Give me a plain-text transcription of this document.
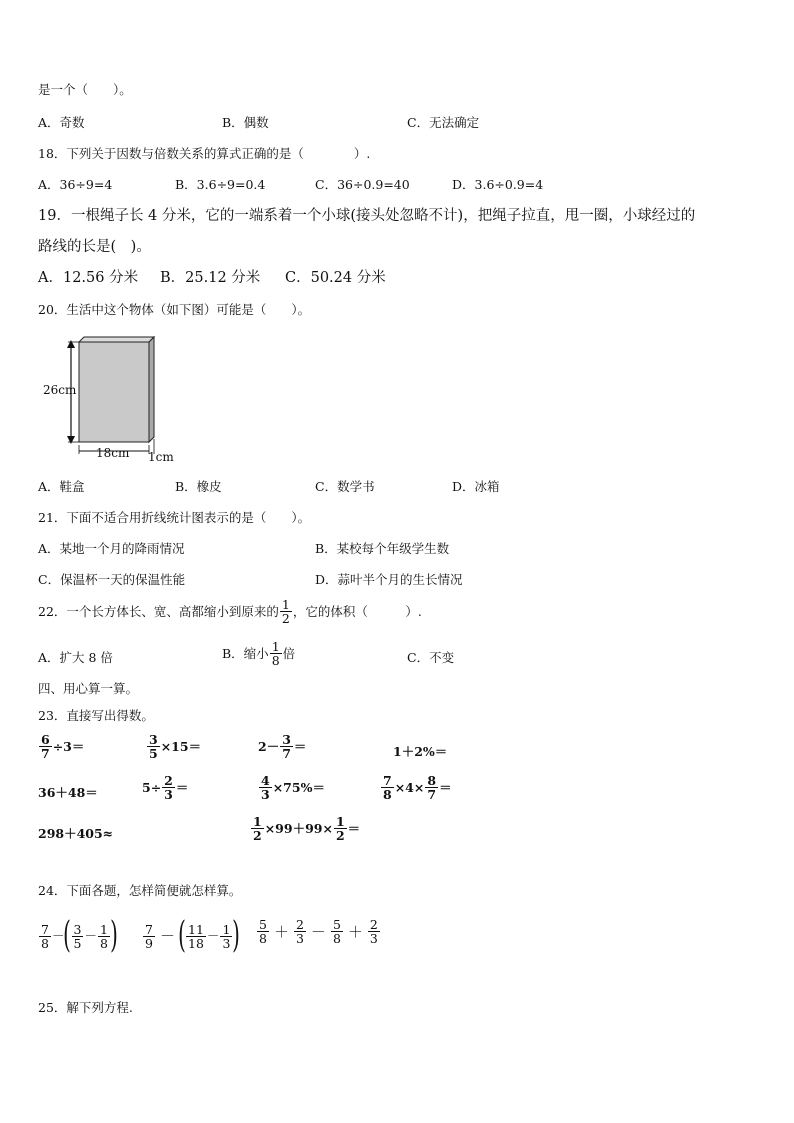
是一个（　　）。
A．奇数	B．偶数	C．无法确定
18．下列关于因数与倍数关系的算式正确的是（　　　　）.
A．36÷9=4	B．3.6÷9=0.4	C．36÷0.9=40	D．3.6÷0.9=4
19．一根绳子长 4 分米，它的一端系着一个小球(接头处忽略不计)，把绳子拉直，甩一圈，小球经过的
路线的长是(　)。
A．12.56 分米 B．25.12 分米 C．50.24 分米
20．生活中这个物体（如下图）可能是（　　）。
26cm
18cm 1cm
A．鞋盒	B．橡皮	C．数学书	D．冰箱
21．下面不适合用折线统计图表示的是（　　）。
A．某地一个月的降雨情况	B．某校每个年级学生数
C．保温杯一天的保温性能	D．蒜叶半个月的生长情况
22．一个长方体长、宽、高都缩小到原来的 $\frac{1}{2}$ ，它的体积（　　　）.
A．扩大 8 倍	B．缩小 $\frac{1}{8}$ 倍	C．不变
四、用心算一算。
23．直接写出得数。
$\frac{6}{7} \div 3=$	$\frac{3}{5} \times 15=$	$2- \frac{3}{7}$ ＝	1＋2%＝
36＋48＝	$5\div \frac{2}{3}$ ＝	$\frac{4}{3} \times 75\%=$	$\frac{7}{8} \times 4\times \frac{8}{7}$ ＝
298＋405≈	$\frac{1}{2} \times 99+99\times \frac{1}{2}$ ＝
24．下面各题，怎样简便就怎样算。
$\frac{7}{8}$ － ( $\frac{3}{5} - \frac{1}{8}$ ) $\frac{7}{9}$ － ( $\frac{11}{18} - \frac{1}{3}$ ) $\frac{5}{8} + \frac{2}{3} - \frac{5}{8} + \frac{2}{3}$
25．解下列方程.
